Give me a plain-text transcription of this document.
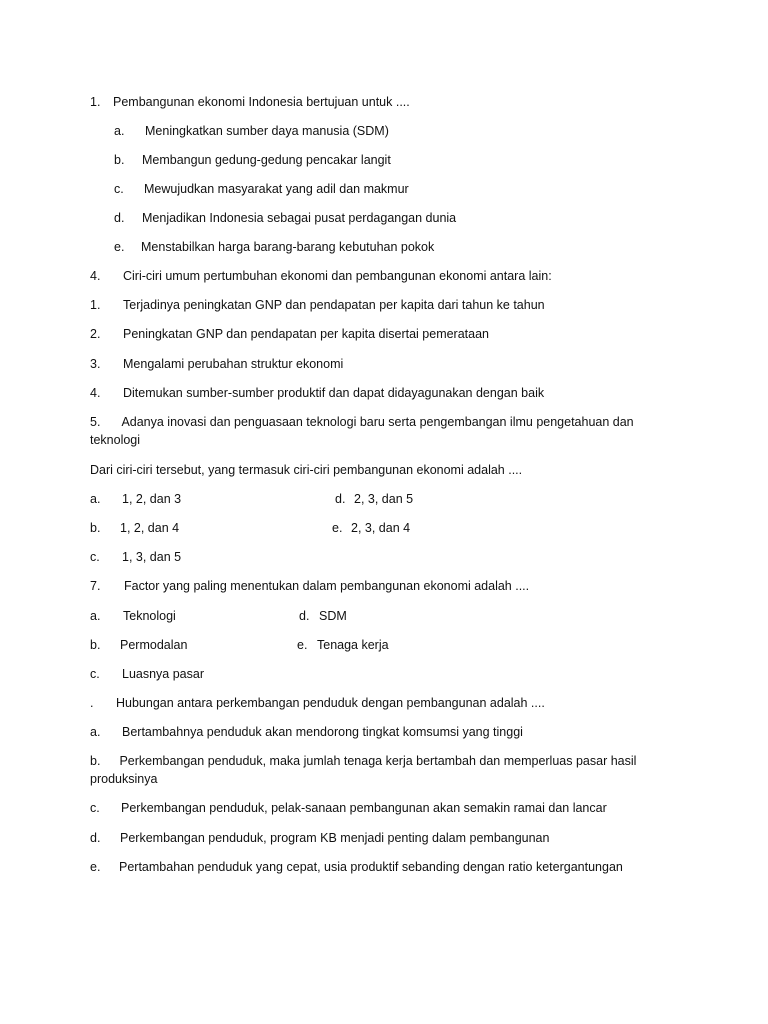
1. Pembangunan ekonomi Indonesia bertujuan untuk ....
a. Meningkatkan sumber daya manusia (SDM)
b. Membangun gedung-gedung pencakar langit
c. Mewujudkan masyarakat yang adil dan makmur
d. Menjadikan Indonesia sebagai pusat perdagangan dunia
e. Menstabilkan harga barang-barang kebutuhan pokok
4. Ciri-ciri umum pertumbuhan ekonomi dan pembangunan ekonomi antara lain:
1. Terjadinya peningkatan GNP dan pendapatan per kapita dari tahun ke tahun
2. Peningkatan GNP dan pendapatan per kapita disertai pemerataan
3. Mengalami perubahan struktur ekonomi
4. Ditemukan sumber-sumber produktif dan dapat didayagunakan dengan baik
5. Adanya inovasi dan penguasaan teknologi baru serta pengembangan ilmu pengetahuan dan teknologi
Dari ciri-ciri tersebut, yang termasuk ciri-ciri pembangunan ekonomi adalah ....
a. 1, 2, dan 3	d. 2, 3, dan 5
b. 1, 2, dan 4	e. 2, 3, dan 4
c. 1, 3, dan 5
7. Factor yang paling menentukan dalam pembangunan ekonomi adalah ....
a. Teknologi	d. SDM
b. Permodalan	e. Tenaga kerja
c. Luasnya pasar
. Hubungan antara perkembangan penduduk dengan pembangunan adalah ....
a. Bertambahnya penduduk akan mendorong tingkat komsumsi yang tinggi
b. Perkembangan penduduk, maka jumlah tenaga kerja bertambah dan memperluas pasar hasil produksinya
c. Perkembangan penduduk, pelak-sanaan pembangunan akan semakin ramai dan lancar
d. Perkembangan penduduk, program KB menjadi penting dalam pembangunan
e. Pertambahan penduduk yang cepat, usia produktif sebanding dengan ratio ketergantungan
